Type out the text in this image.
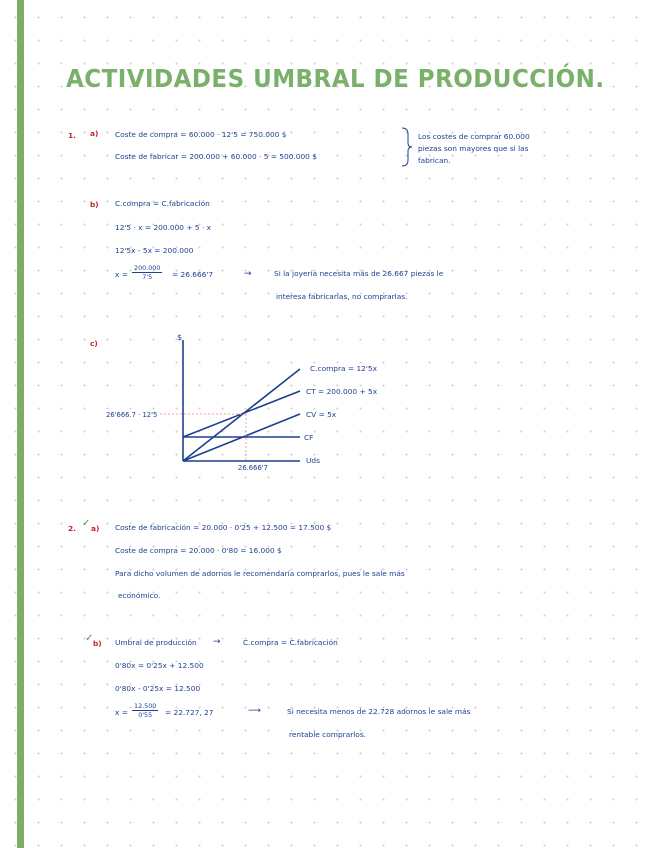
ACTIVIDADES UMBRAL DE PRODUCCIÓN.
1. a) Coste de compra = 60.000 · 12'5 = 750.000 $
Coste de fabricar = 200.000 + 60.000 · 5 = 500.000 $
Los costes de comprar 60.000
piezas son mayores que si las
fabrican.
b) C.compra = C.fabricación
12'5 · x = 200.000 + 5 · x
12'5x - 5x = 200.000
$x = \frac{200.000}{7'5} = 26.666'7$	→	Si la joyería necesita más de 26.667 piezas le
interesa fabricarlas, no comprarlas.
c)
$
Uds
C.compra = 12'5x
CT = 200.000 + 5x
CV = 5x
CF
26'666.7 · 12'5
26.666'7
2. ✓ a) Coste de fabricación = 20.000 · 0'25 + 12.500 = 17.500 $
Coste de compra = 20.000 · 0'80 = 16.000 $
Para dicho volumen de adornos le recomendaría comprarlos, pues le sale más
económico.
✓ b) Umbral de producción →	C.compra = C.fabricación
0'80x = 0'25x + 12.500
0'80x - 0'25x = 12.500
$x = \frac{12.500}{0'55} = 22.727$, 27	⟶	Si necesita menos de 22.728 adornos le sale más
rentable comprarlos.
